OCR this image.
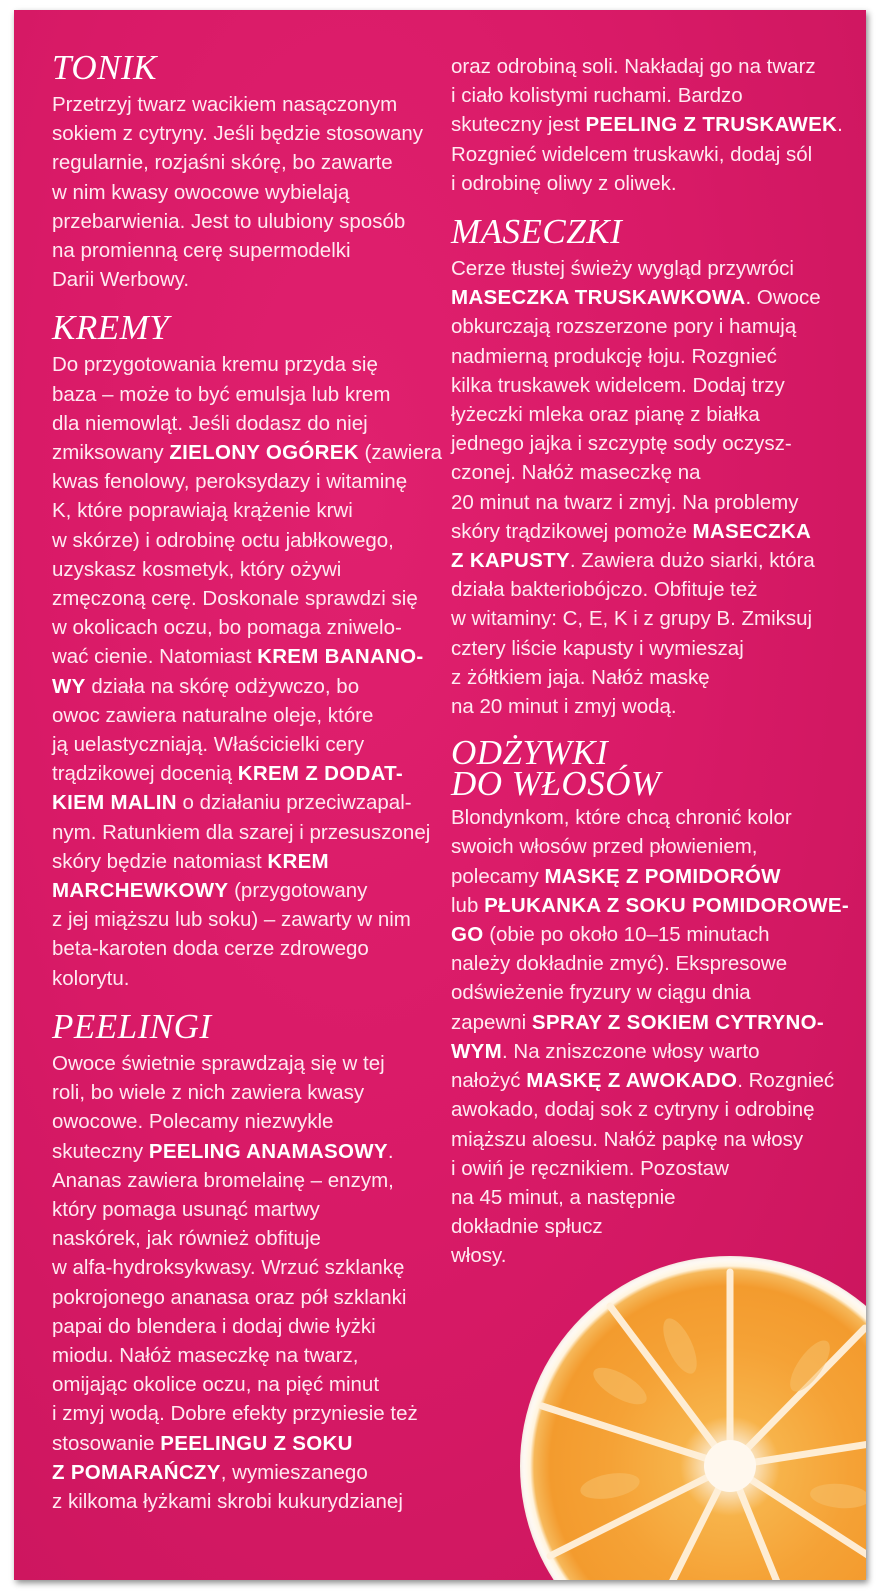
TONIK
Przetrzyj twarz wacikiem nasączonym
sokiem z cytryny. Jeśli będzie stosowany
regularnie, rozjaśni skórę, bo zawarte
w nim kwasy owocowe wybielają
przebarwienia. Jest to ulubiony sposób
na promienną cerę supermodelki
Darii Werbowy.
KREMY
Do przygotowania kremu przyda się
baza – może to być emulsja lub krem
dla niemowląt. Jeśli dodasz do niej
zmiksowany ZIELONY OGÓREK (zawiera
kwas fenolowy, peroksydazy i witaminę
K, które poprawiają krążenie krwi
w skórze) i odrobinę octu jabłkowego,
uzyskasz kosmetyk, który ożywi
zmęczoną cerę. Doskonale sprawdzi się
w okolicach oczu, bo pomaga zniwelo-
wać cienie. Natomiast KREM BANANO-
WY działa na skórę odżywczo, bo
owoc zawiera naturalne oleje, które
ją uelastyczniają. Właścicielki cery
trądzikowej docenią KREM Z DODAT-
KIEM MALIN o działaniu przeciwzapal-
nym. Ratunkiem dla szarej i przesuszonej
skóry będzie natomiast KREM
MARCHEWKOWY (przygotowany
z jej miąższu lub soku) – zawarty w nim
beta-karoten doda cerze zdrowego
kolorytu.
PEELINGI
Owoce świetnie sprawdzają się w tej
roli, bo wiele z nich zawiera kwasy
owocowe. Polecamy niezwykle
skuteczny PEELING ANAMASOWY.
Ananas zawiera bromelainę – enzym,
który pomaga usunąć martwy
naskórek, jak również obfituje
w alfa-hydroksykwasy. Wrzuć szklankę
pokrojonego ananasa oraz pół szklanki
papai do blendera i dodaj dwie łyżki
miodu. Nałóż maseczkę na twarz,
omijając okolice oczu, na pięć minut
i zmyj wodą. Dobre efekty przyniesie też
stosowanie PEELINGU Z SOKU
Z POMARAŃCZY, wymieszanego
z kilkoma łyżkami skrobi kukurydzianej
oraz odrobiną soli. Nakładaj go na twarz
i ciało kolistymi ruchami. Bardzo
skuteczny jest PEELING Z TRUSKAWEK.
Rozgnieć widelcem truskawki, dodaj sól
i odrobinę oliwy z oliwek.
MASECZKI
Cerze tłustej świeży wygląd przywróci
MASECZKA TRUSKAWKOWA. Owoce
obkurczają rozszerzone pory i hamują
nadmierną produkcję łoju. Rozgnieć
kilka truskawek widelcem. Dodaj trzy
łyżeczki mleka oraz pianę z białka
jednego jajka i szczyptę sody oczysz-
czonej. Nałóż maseczkę na
20 minut na twarz i zmyj. Na problemy
skóry trądzikowej pomoże MASECZKA
Z KAPUSTY. Zawiera dużo siarki, która
działa bakteriobójczo. Obfituje też
w witaminy: C, E, K i z grupy B. Zmiksuj
cztery liście kapusty i wymieszaj
z żółtkiem jaja. Nałóż maskę
na 20 minut i zmyj wodą.
ODŻYWKI
DO WŁOSÓW
Blondynkom, które chcą chronić kolor
swoich włosów przed płowieniem,
polecamy MASKĘ Z POMIDORÓW
lub PŁUKANKA Z SOKU POMIDOROWE-
GO (obie po około 10–15 minutach
należy dokładnie zmyć). Ekspresowe
odświeżenie fryzury w ciągu dnia
zapewni SPRAY Z SOKIEM CYTRYNO-
WYM. Na zniszczone włosy warto
nałożyć MASKĘ Z AWOKADO. Rozgnieć
awokado, dodaj sok z cytryny i odrobinę
miąższu aloesu. Nałóż papkę na włosy
i owiń je ręcznikiem. Pozostaw
na 45 minut, a następnie
dokładnie spłucz
włosy.
